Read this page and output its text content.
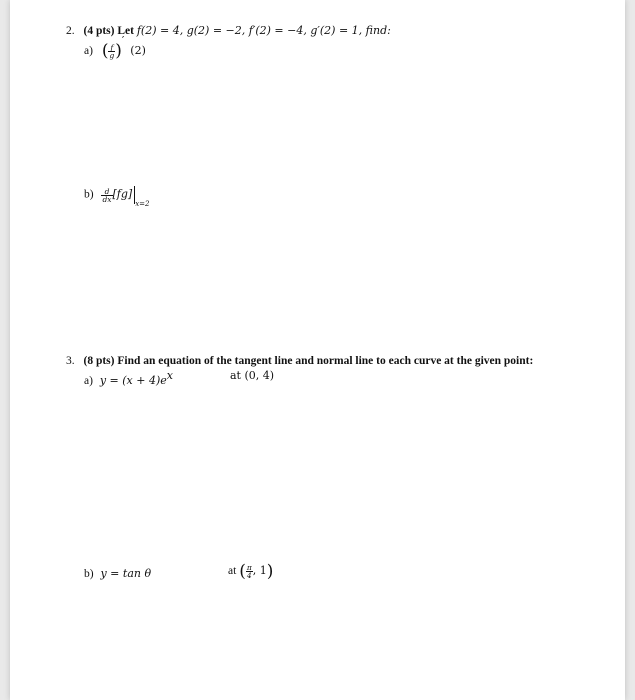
2. (4 pts) Let f(2) = 4, g(2) = −2, f′(2) = −4, g′(2) = 1, find:
a) ( $\frac{f}{g} )'$ (2)
$b) \frac{d}{dx} [fg]_{x=2}$
3. (8 pts) Find an equation of the tangent line and normal line to each curve at the given point:
a) $y = (x + 4)e^x$	at (0, 4)
b) y = tan θ	at ( $\frac{\pi}{4}$ , 1)
